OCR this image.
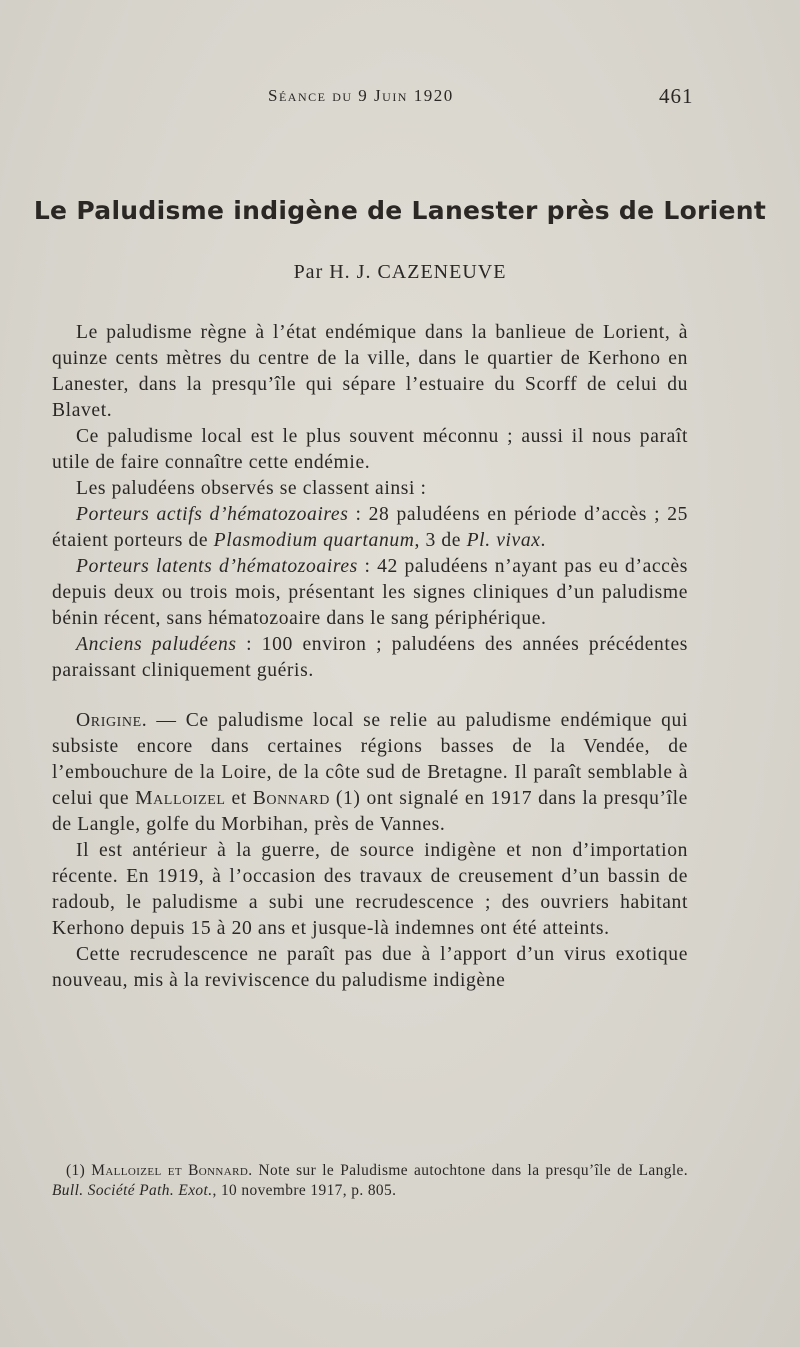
Séance du 9 Juin 1920	461
Le Paludisme indigène de Lanester près de Lorient
Par H. J. CAZENEUVE

Le paludisme règne à l’état endémique dans la banlieue de Lorient, à quinze cents mètres du centre de la ville, dans le quartier de Kerhono en Lanester, dans la presqu’île qui sépare l’estuaire du Scorff de celui du Blavet.

Ce paludisme local est le plus souvent méconnu ; aussi il nous paraît utile de faire connaître cette endémie.

Les paludéens observés se classent ainsi :

Porteurs actifs d’hématozoaires : 28 paludéens en période d’accès ; 25 étaient porteurs de Plasmodium quartanum, 3 de Pl. vivax.

Porteurs latents d’hématozoaires : 42 paludéens n’ayant pas eu d’accès depuis deux ou trois mois, présentant les signes cliniques d’un paludisme bénin récent, sans hématozoaire dans le sang périphérique.

Anciens paludéens : 100 environ ; paludéens des années précédentes paraissant cliniquement guéris.

Origine. — Ce paludisme local se relie au paludisme endémique qui subsiste encore dans certaines régions basses de la Vendée, de l’embouchure de la Loire, de la côte sud de Bretagne. Il paraît semblable à celui que Malloizel et Bonnard (1) ont signalé en 1917 dans la presqu’île de Langle, golfe du Morbihan, près de Vannes.

Il est antérieur à la guerre, de source indigène et non d’importation récente. En 1919, à l’occasion des travaux de creusement d’un bassin de radoub, le paludisme a subi une recrudescence ; des ouvriers habitant Kerhono depuis 15 à 20 ans et jusque-là indemnes ont été atteints.

Cette recrudescence ne paraît pas due à l’apport d’un virus exotique nouveau, mis à la reviviscence du paludisme indigène

(1) Malloizel et Bonnard. Note sur le Paludisme autochtone dans la presqu’île de Langle. Bull. Société Path. Exot., 10 novembre 1917, p. 805.
